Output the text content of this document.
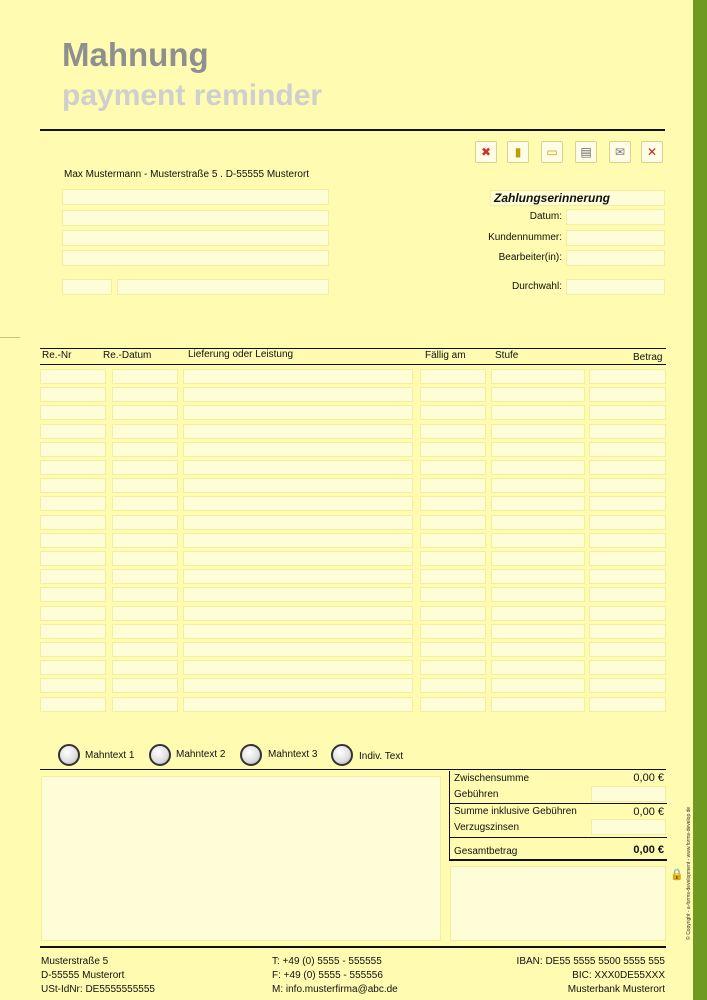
Mahnung
payment reminder
© Copyright - a-forms-development - www.forms-develop.de
🔒
✖ ▮ ▭ ▤ ✉ ✕
Max Mustermann - Musterstraße 5 . D-55555 Musterort
Zahlungserinnerung
Datum:
Kundennummer:
Bearbeiter(in):
Durchwahl:
Re.-Nr	Re.-Datum	Lieferung oder Leistung	Fällig am	Stufe	Betrag
Mahntext 1	Mahntext 2	Mahntext 3	Indiv. Text
Zwischensumme	0,00 €
Gebühren
Summe inklusive Gebühren	0,00 €
Verzugszinsen
Gesamtbetrag	0,00 €
Musterstraße 5
D-55555 Musterort
USt-IdNr: DE5555555555
T: +49 (0) 5555 - 555555
F: +49 (0) 5555 - 555556
M: info.musterfirma@abc.de
IBAN: DE55 5555 5500 5555 555
BIC: XXX0DE55XXX
Musterbank Musterort
